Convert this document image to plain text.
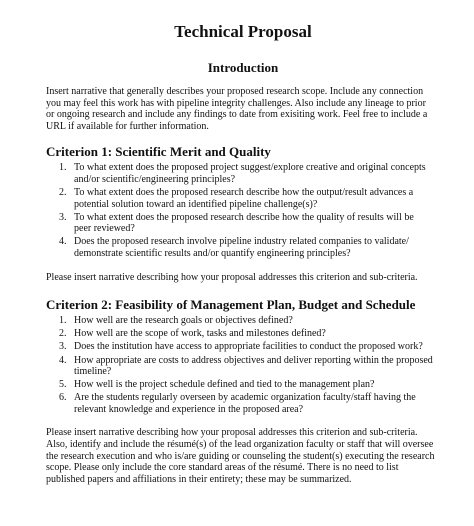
Technical Proposal
Introduction

Insert narrative that generally describes your proposed research scope. Include any connection
you may feel this work has with pipeline integrity challenges. Also include any lineage to prior
or ongoing research and include any findings to date from exisiting work. Feel free to include a
URL if available for further information.

Criterion 1: Scientific Merit and Quality
1. To what extent does the proposed project suggest/explore creative and original concepts
and/or scientific/engineering principles?
2. To what extent does the proposed research describe how the output/result advances a
potential solution toward an identified pipeline challenge(s)?
3. To what extent does the proposed research describe how the quality of results will be
peer reviewed?
4. Does the proposed research involve pipeline industry related companies to validate/
demonstrate scientific results and/or quantify engineering principles?

Please insert narrative describing how your proposal addresses this criterion and sub-criteria.

Criterion 2: Feasibility of Management Plan, Budget and Schedule
1. How well are the research goals or objectives defined?
2. How well are the scope of work, tasks and milestones defined?
3. Does the institution have access to appropriate facilities to conduct the proposed work?
4. How appropriate are costs to address objectives and deliver reporting within the proposed
timeline?
5. How well is the project schedule defined and tied to the management plan?
6. Are the students regularly overseen by academic organization faculty/staff having the
relevant knowledge and experience in the proposed area?

Please insert narrative describing how your proposal addresses this criterion and sub-criteria.
Also, identify and include the résumé(s) of the lead organization faculty or staff that will oversee
the research execution and who is/are guiding or counseling the student(s) executing the research
scope. Please only include the core standard areas of the résumé. There is no need to list
published papers and affiliations in their entirety; these may be summarized.
